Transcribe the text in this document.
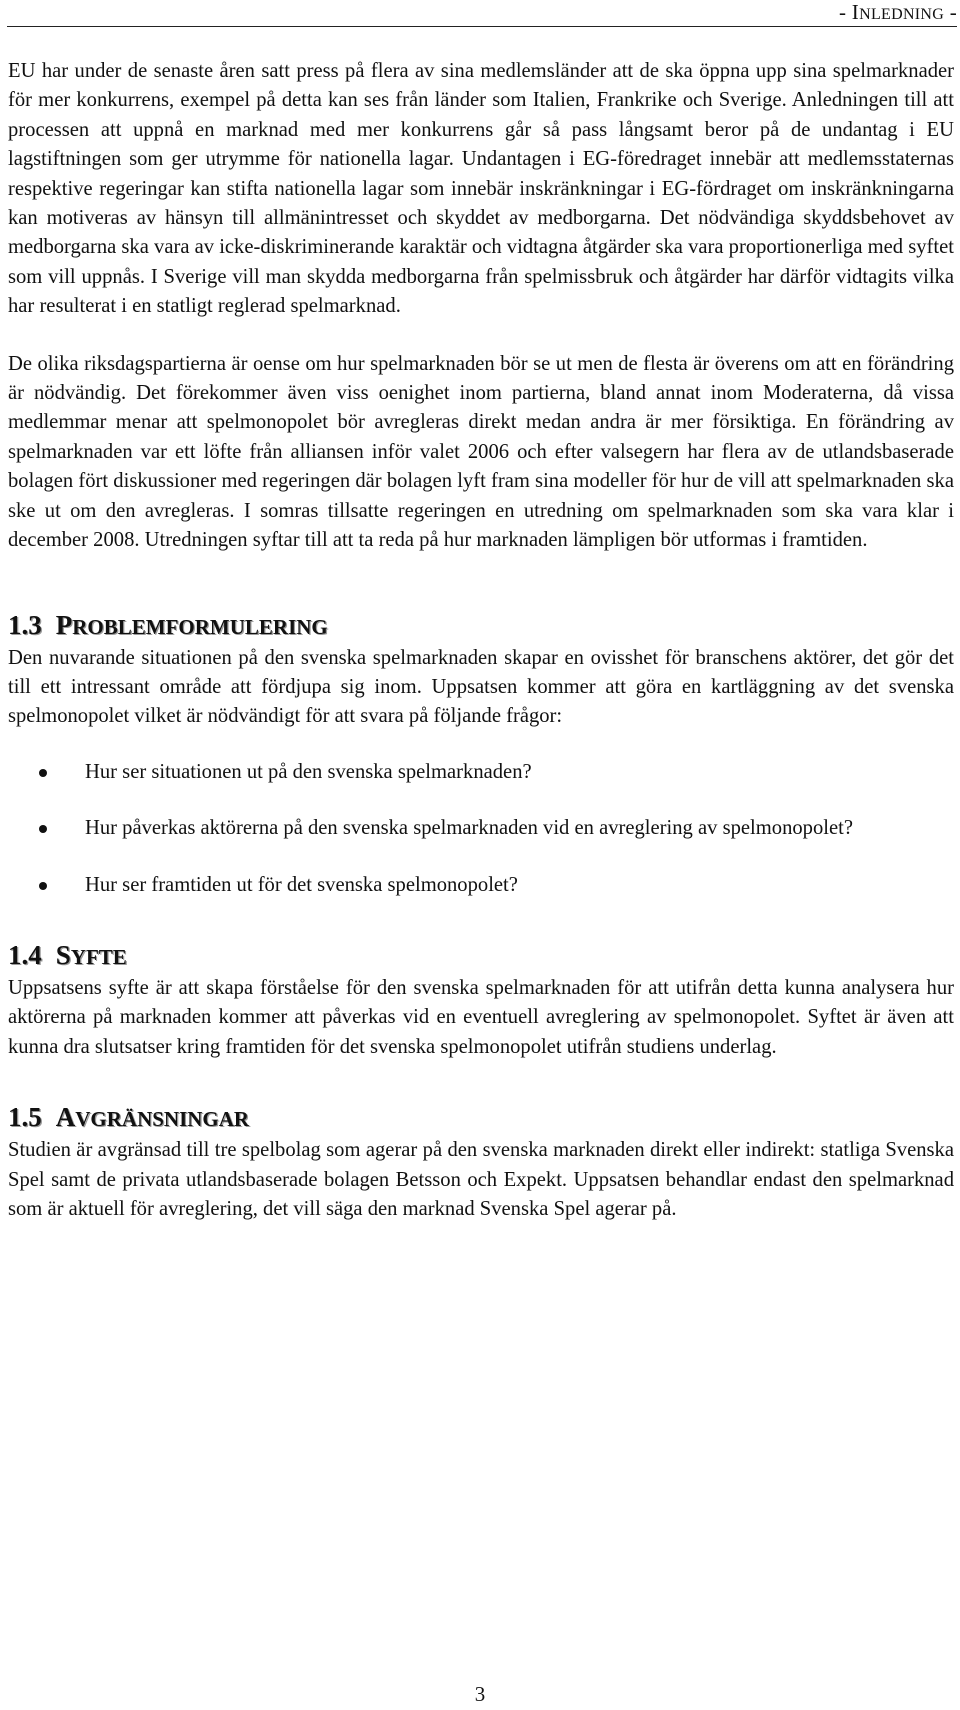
- INLEDNING -

EU har under de senaste åren satt press på flera av sina medlemsländer att de ska öppna upp sina spelmarknader för mer konkurrens, exempel på detta kan ses från länder som Italien, Frankrike och Sverige. Anledningen till att processen att uppnå en marknad med mer konkurrens går så pass långsamt beror på de undantag i EU lagstiftningen som ger utrymme för nationella lagar. Undantagen i EG-föredraget innebär att medlemsstaternas respektive regeringar kan stifta nationella lagar som innebär inskränkningar i EG-fördraget om inskränkningarna kan motiveras av hänsyn till allmänintresset och skyddet av medborgarna. Det nödvändiga skyddsbehovet av medborgarna ska vara av icke-diskriminerande karaktär och vidtagna åtgärder ska vara proportionerliga med syftet som vill uppnås. I Sverige vill man skydda medborgarna från spelmissbruk och åtgärder har därför vidtagits vilka har resulterat i en statligt reglerad spelmarknad.

De olika riksdagspartierna är oense om hur spelmarknaden bör se ut men de flesta är överens om att en förändring är nödvändig. Det förekommer även viss oenighet inom partierna, bland annat inom Moderaterna, då vissa medlemmar menar att spelmonopolet bör avregleras direkt medan andra är mer försiktiga. En förändring av spelmarknaden var ett löfte från alliansen inför valet 2006 och efter valsegern har flera av de utlandsbaserade bolagen fört diskussioner med regeringen där bolagen lyft fram sina modeller för hur de vill att spelmarknaden ska ske ut om den avregleras. I somras tillsatte regeringen en utredning om spelmarknaden som ska vara klar i december 2008. Utredningen syftar till att ta reda på hur marknaden lämpligen bör utformas i framtiden.

1.3 PROBLEMFORMULERING

Den nuvarande situationen på den svenska spelmarknaden skapar en ovisshet för branschens aktörer, det gör det till ett intressant område att fördjupa sig inom. Uppsatsen kommer att göra en kartläggning av det svenska spelmonopolet vilket är nödvändigt för att svara på följande frågor:

Hur ser situationen ut på den svenska spelmarknaden?
Hur påverkas aktörerna på den svenska spelmarknaden vid en avreglering av spelmonopolet?
Hur ser framtiden ut för det svenska spelmonopolet?
1.4 SYFTE

Uppsatsens syfte är att skapa förståelse för den svenska spelmarknaden för att utifrån detta kunna analysera hur aktörerna på marknaden kommer att påverkas vid en eventuell avreglering av spelmonopolet. Syftet är även att kunna dra slutsatser kring framtiden för det svenska spelmonopolet utifrån studiens underlag.

1.5 AVGRÄNSNINGAR

Studien är avgränsad till tre spelbolag som agerar på den svenska marknaden direkt eller indirekt: statliga Svenska Spel samt de privata utlandsbaserade bolagen Betsson och Expekt. Uppsatsen behandlar endast den spelmarknad som är aktuell för avreglering, det vill säga den marknad Svenska Spel agerar på.

3
